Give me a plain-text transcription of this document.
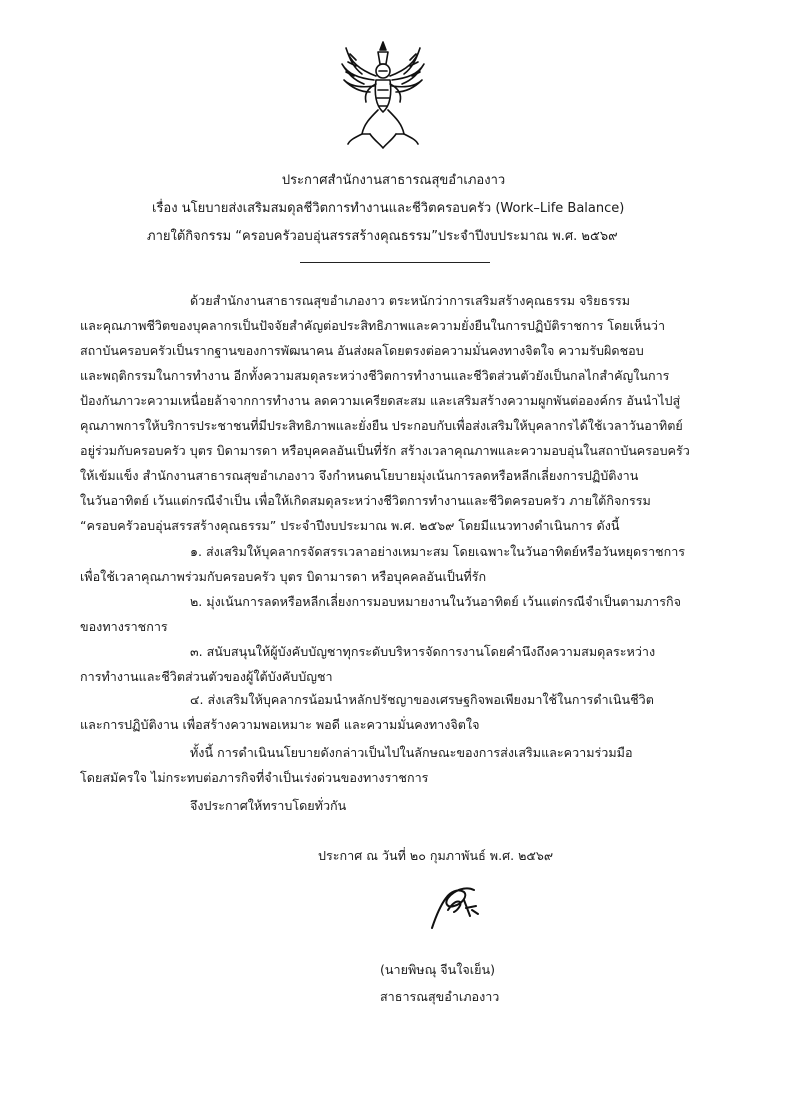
ประกาศสำนักงานสาธารณสุขอำเภองาว
เรื่อง นโยบายส่งเสริมสมดุลชีวิตการทำงานและชีวิตครอบครัว (Work–Life Balance)
ภายใต้กิจกรรม “ครอบครัวอบอุ่นสรรสร้างคุณธรรม”ประจำปีงบประมาณ พ.ศ. ๒๕๖๙
ด้วยสำนักงานสาธารณสุขอำเภองาว ตระหนักว่าการเสริมสร้างคุณธรรม จริยธรรม
และคุณภาพชีวิตของบุคลากรเป็นปัจจัยสำคัญต่อประสิทธิภาพและความยั่งยืนในการปฏิบัติราชการ โดยเห็นว่า
สถาบันครอบครัวเป็นรากฐานของการพัฒนาคน อันส่งผลโดยตรงต่อความมั่นคงทางจิตใจ ความรับผิดชอบ
และพฤติกรรมในการทำงาน อีกทั้งความสมดุลระหว่างชีวิตการทำงานและชีวิตส่วนตัวยังเป็นกลไกสำคัญในการ
ป้องกันภาวะความเหนื่อยล้าจากการทำงาน ลดความเครียดสะสม และเสริมสร้างความผูกพันต่อองค์กร อันนำไปสู่
คุณภาพการให้บริการประชาชนที่มีประสิทธิภาพและยั่งยืน ประกอบกับเพื่อส่งเสริมให้บุคลากรได้ใช้เวลาวันอาทิตย์
อยู่ร่วมกับครอบครัว บุตร บิดามารดา หรือบุคคลอันเป็นที่รัก สร้างเวลาคุณภาพและความอบอุ่นในสถาบันครอบครัว
ให้เข้มแข็ง สำนักงานสาธารณสุขอำเภองาว จึงกำหนดนโยบายมุ่งเน้นการลดหรือหลีกเลี่ยงการปฏิบัติงาน
ในวันอาทิตย์ เว้นแต่กรณีจำเป็น เพื่อให้เกิดสมดุลระหว่างชีวิตการทำงานและชีวิตครอบครัว ภายใต้กิจกรรม
“ครอบครัวอบอุ่นสรรสร้างคุณธรรม” ประจำปีงบประมาณ พ.ศ. ๒๕๖๙ โดยมีแนวทางดำเนินการ ดังนี้
๑. ส่งเสริมให้บุคลากรจัดสรรเวลาอย่างเหมาะสม โดยเฉพาะในวันอาทิตย์หรือวันหยุดราชการ
เพื่อใช้เวลาคุณภาพร่วมกับครอบครัว บุตร บิดามารดา หรือบุคคลอันเป็นที่รัก
๒. มุ่งเน้นการลดหรือหลีกเลี่ยงการมอบหมายงานในวันอาทิตย์ เว้นแต่กรณีจำเป็นตามภารกิจ
ของทางราชการ
๓. สนับสนุนให้ผู้บังคับบัญชาทุกระดับบริหารจัดการงานโดยคำนึงถึงความสมดุลระหว่าง
การทำงานและชีวิตส่วนตัวของผู้ใต้บังคับบัญชา
๔. ส่งเสริมให้บุคลากรน้อมนำหลักปรัชญาของเศรษฐกิจพอเพียงมาใช้ในการดำเนินชีวิต
และการปฏิบัติงาน เพื่อสร้างความพอเหมาะ พอดี และความมั่นคงทางจิตใจ
ทั้งนี้ การดำเนินนโยบายดังกล่าวเป็นไปในลักษณะของการส่งเสริมและความร่วมมือ
โดยสมัครใจ ไม่กระทบต่อภารกิจที่จำเป็นเร่งด่วนของทางราชการ
จึงประกาศให้ทราบโดยทั่วกัน
ประกาศ ณ วันที่ ๒๐ กุมภาพันธ์ พ.ศ. ๒๕๖๙
(นายพิษณุ จีนใจเย็น)
สาธารณสุขอำเภองาว
